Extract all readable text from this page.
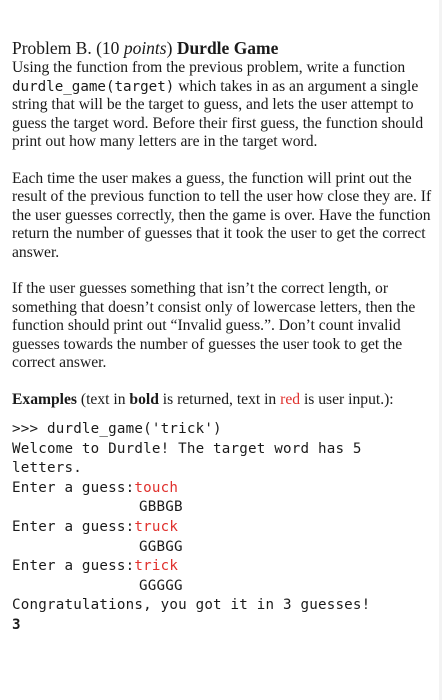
Problem B. (10 points) Durdle Game

Using the function from the previous problem, write a function durdle_game(target) which takes in as an argument a single string that will be the target to guess, and lets the user attempt to guess the target word. Before their first guess, the function should print out how many letters are in the target word.

Each time the user makes a guess, the function will print out the result of the previous function to tell the user how close they are. If the user guesses correctly, then the game is over. Have the function return the number of guesses that it took the user to get the correct answer.

If the user guesses something that isn’t the correct length, or something that doesn’t consist only of lowercase letters, then the function should print out “Invalid guess.”. Don’t count invalid guesses towards the number of guesses the user took to get the correct answer.

Examples (text in bold is returned, text in red is user input.):
>>> durdle_game('trick')
Welcome to Durdle! The target word has 5
letters.
Enter a guess:touch
GBBGB
Enter a guess:truck
GGBGG
Enter a guess:trick
GGGGG
Congratulations, you got it in 3 guesses!
3
